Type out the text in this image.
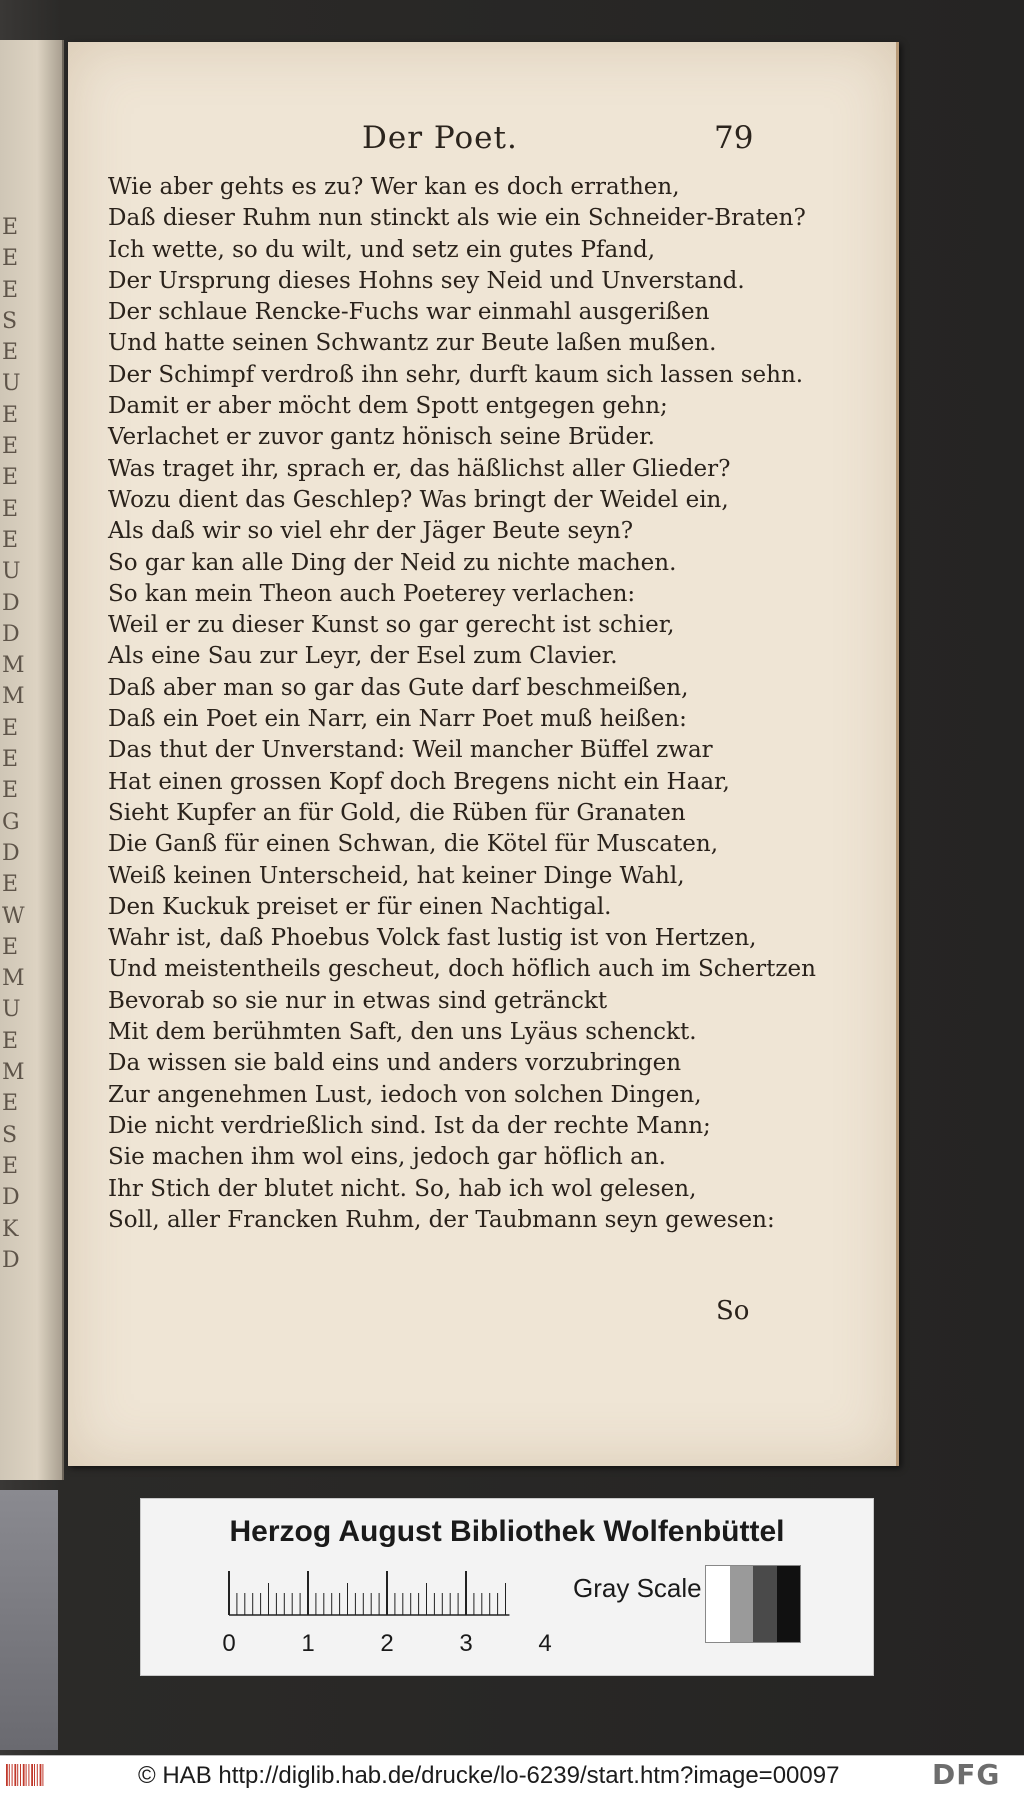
E
E
E
S
E
U
E
E
E
E
E
U
D
D
M
M
E
E
E
G
D
E
W
E
M
U
E
M
E
S
E
D
K
D
Der Poet.	79
Wie aber gehts es zu? Wer kan es doch errathen,
Daß dieser Ruhm nun stinckt als wie ein Schneider-Braten?
Ich wette, so du wilt, und setz ein gutes Pfand,
Der Ursprung dieses Hohns sey Neid und Unverstand.
Der schlaue Rencke-Fuchs war einmahl ausgerißen
Und hatte seinen Schwantz zur Beute laßen mußen.
Der Schimpf verdroß ihn sehr, durft kaum sich lassen sehn.
Damit er aber möcht dem Spott entgegen gehn;
Verlachet er zuvor gantz hönisch seine Brüder.
Was traget ihr, sprach er, das häßlichst aller Glieder?
Wozu dient das Geschlep? Was bringt der Weidel ein,
Als daß wir so viel ehr der Jäger Beute seyn?
So gar kan alle Ding der Neid zu nichte machen.
So kan mein Theon auch Poeterey verlachen:
Weil er zu dieser Kunst so gar gerecht ist schier,
Als eine Sau zur Leyr, der Esel zum Clavier.
Daß aber man so gar das Gute darf beschmeißen,
Daß ein Poet ein Narr, ein Narr Poet muß heißen:
Das thut der Unverstand: Weil mancher Büffel zwar
Hat einen grossen Kopf doch Bregens nicht ein Haar,
Sieht Kupfer an für Gold, die Rüben für Granaten
Die Ganß für einen Schwan, die Kötel für Muscaten,
Weiß keinen Unterscheid, hat keiner Dinge Wahl,
Den Kuckuk preiset er für einen Nachtigal.
Wahr ist, daß Phoebus Volck fast lustig ist von Hertzen,
Und meistentheils gescheut, doch höflich auch im Schertzen
Bevorab so sie nur in etwas sind getränckt
Mit dem berühmten Saft, den uns Lyäus schenckt.
Da wissen sie bald eins und anders vorzubringen
Zur angenehmen Lust, iedoch von solchen Dingen,
Die nicht verdrießlich sind. Ist da der rechte Mann;
Sie machen ihm wol eins, jedoch gar höflich an.
Ihr Stich der blutet nicht. So, hab ich wol gelesen,
Soll, aller Francken Ruhm, der Taubmann seyn gewesen:
So
Herzog August Bibliothek Wolfenbüttel
0	1	2	3	4
Gray Scale
© HAB http://diglib.hab.de/drucke/lo-6239/start.htm?image=00097	DFG
